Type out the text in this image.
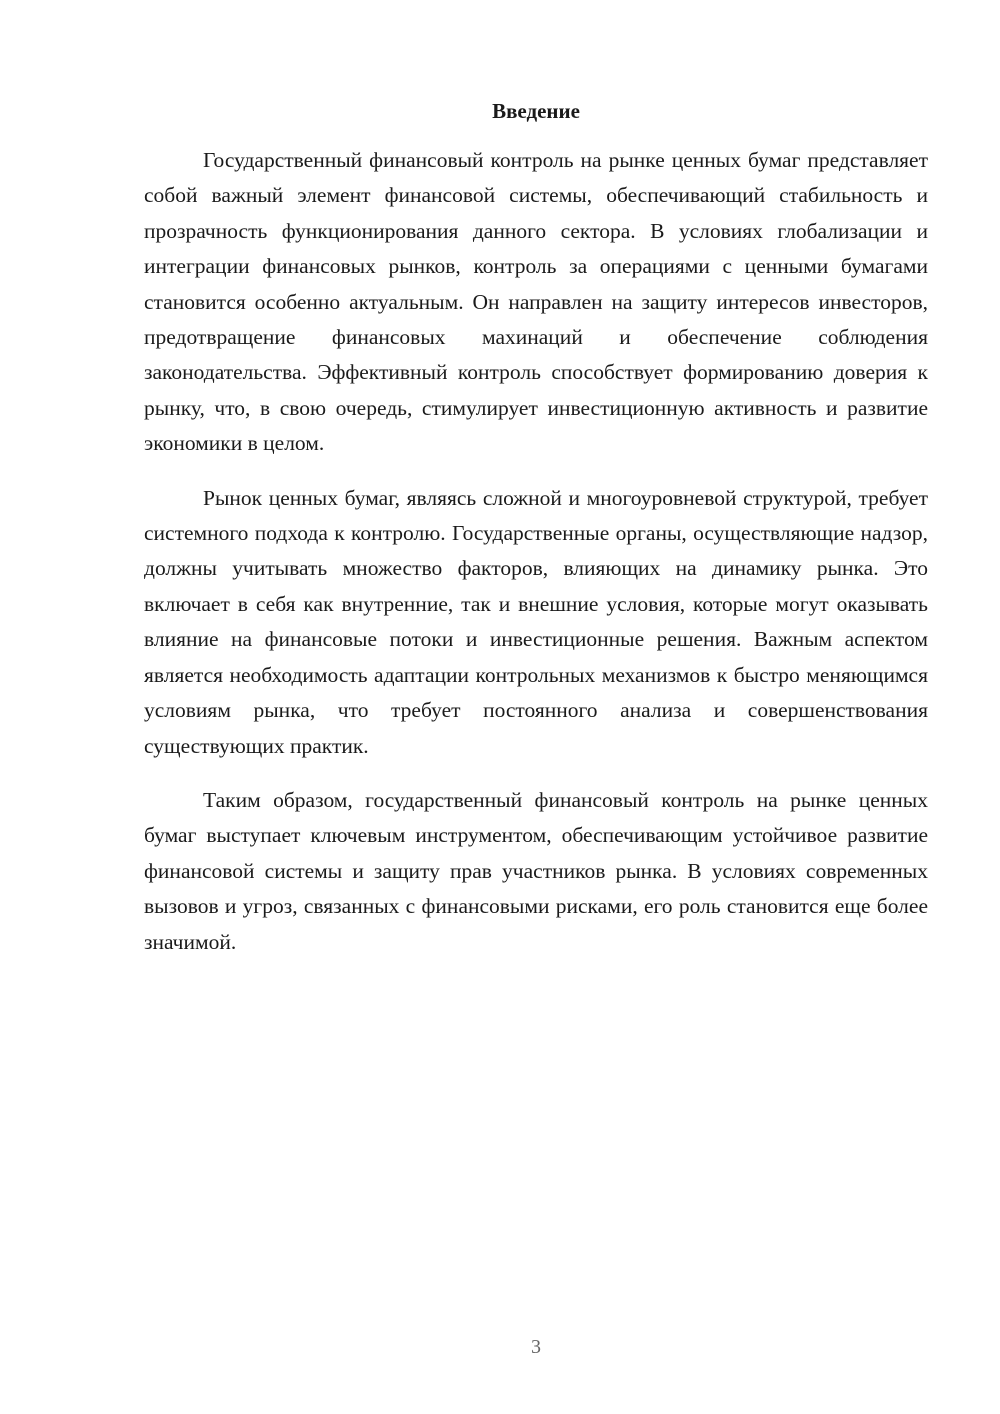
Введение

Государственный финансовый контроль на рынке ценных бумаг представляет собой важный элемент финансовой системы, обеспечивающий стабильность и прозрачность функционирования данного сектора. В условиях глобализации и интеграции финансовых рынков, контроль за операциями с ценными бумагами становится особенно актуальным. Он направлен на защиту интересов инвесторов, предотвращение финансовых махинаций и обеспечение соблюдения законодательства. Эффективный контроль способствует формированию доверия к рынку, что, в свою очередь, стимулирует инвестиционную активность и развитие экономики в целом.

Рынок ценных бумаг, являясь сложной и многоуровневой структурой, требует системного подхода к контролю. Государственные органы, осуществляющие надзор, должны учитывать множество факторов, влияющих на динамику рынка. Это включает в себя как внутренние, так и внешние условия, которые могут оказывать влияние на финансовые потоки и инвестиционные решения. Важным аспектом является необходимость адаптации контрольных механизмов к быстро меняющимся условиям рынка, что требует постоянного анализа и совершенствования существующих практик.

Таким образом, государственный финансовый контроль на рынке ценных бумаг выступает ключевым инструментом, обеспечивающим устойчивое развитие финансовой системы и защиту прав участников рынка. В условиях современных вызовов и угроз, связанных с финансовыми рисками, его роль становится еще более значимой.

3
